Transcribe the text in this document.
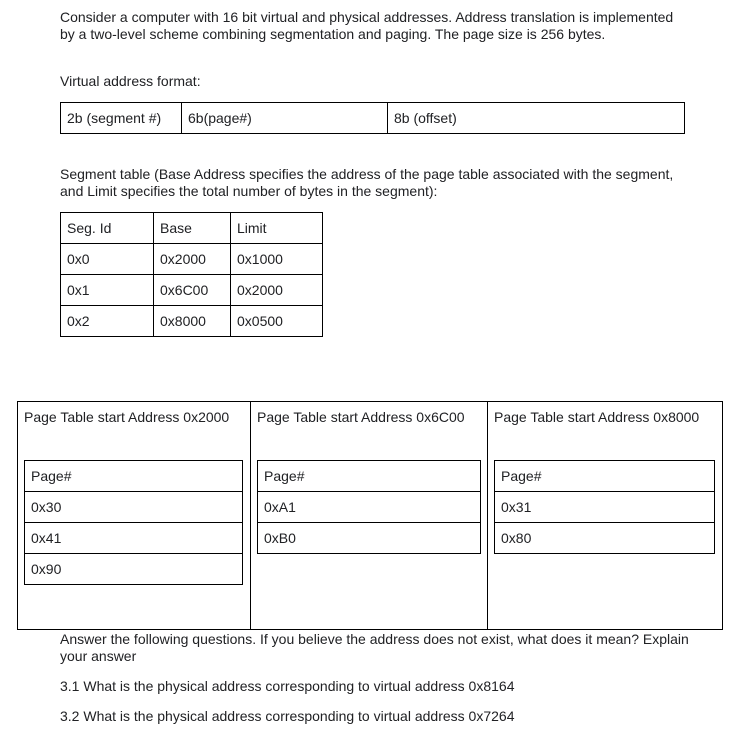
Consider a computer with 16 bit virtual and physical addresses. Address translation is implemented by a two-level scheme combining segmentation and paging. The page size is 256 bytes.

Virtual address format:

2b (segment #)	6b(page#)	8b (offset)

Segment table (Base Address specifies the address of the page table associated with the segment, and Limit specifies the total number of bytes in the segment):

Seg. Id	Base	Limit
0x0	0x2000	0x1000
0x1	0x6C00	0x2000
0x2	0x8000	0x0500
Page Table start Address 0x2000
Page#
0x30
0x41
0x90
Page Table start Address 0x6C00
Page#
0xA1
0xB0
Page Table start Address 0x8000
Page#
0x31
0x80

Answer the following questions. If you believe the address does not exist, what does it mean? Explain your answer

3.1 What is the physical address corresponding to virtual address 0x8164

3.2 What is the physical address corresponding to virtual address 0x7264
